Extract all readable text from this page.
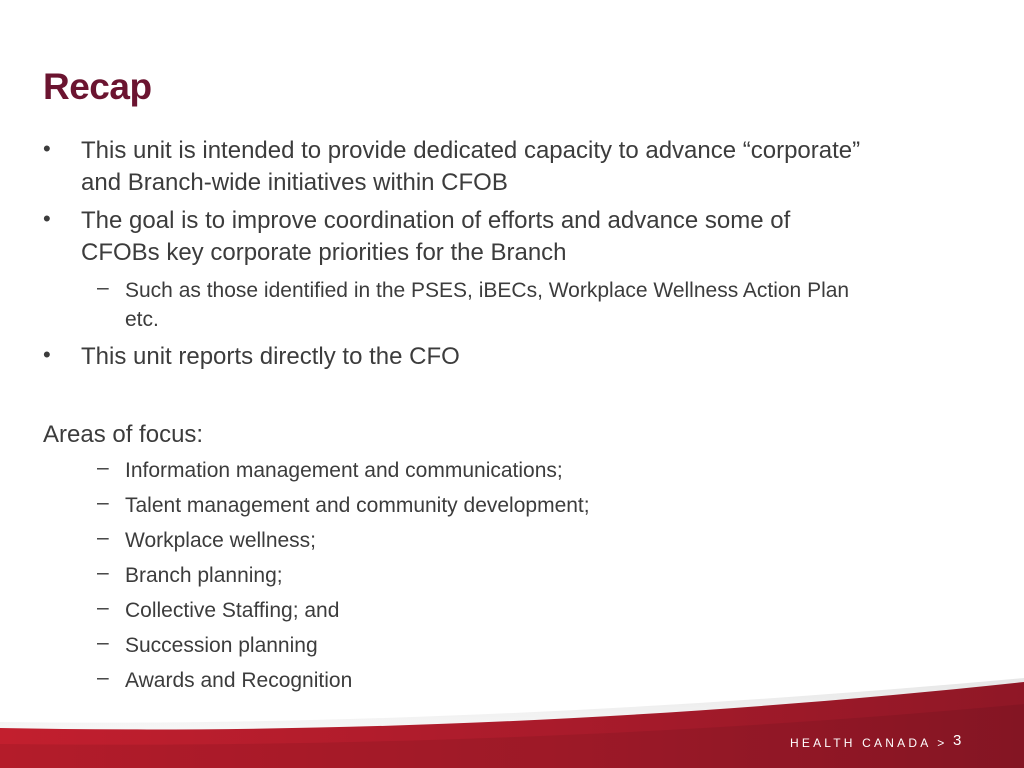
Recap
• This unit is intended to provide dedicated capacity to advance “corporate”
and Branch-wide initiatives within CFOB
• The goal is to improve coordination of efforts and advance some of
CFOBs key corporate priorities for the Branch
– Such as those identified in the PSES, iBECs, Workplace Wellness Action Plan
etc.
• This unit reports directly to the CFO
Areas of focus:
– Information management and communications;
– Talent management and community development;
– Workplace wellness;
– Branch planning;
– Collective Staffing; and
– Succession planning
– Awards and Recognition
HEALTH CANADA > 3
